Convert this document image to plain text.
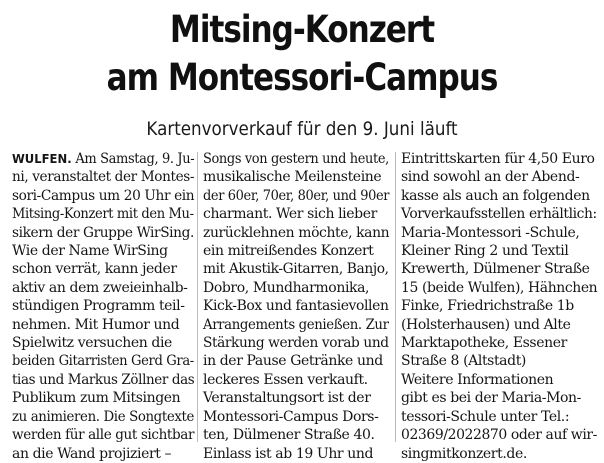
Mitsing-Konzert
am Montessori-Campus
Kartenvorverkauf für den 9. Juni läuft
WULFEN. Am Samstag, 9. Ju-
ni, veranstaltet der Montes-
sori-Campus um 20 Uhr ein
Mitsing-Konzert mit den Mu-
sikern der Gruppe WirSing.
Wie der Name WirSing
schon verrät, kann jeder
aktiv an dem zweieinhalb-
stündigen Programm teil-
nehmen. Mit Humor und
Spielwitz versuchen die
beiden Gitarristen Gerd Gra-
tias und Markus Zöllner das
Publikum zum Mitsingen
zu animieren. Die Songtexte
werden für alle gut sichtbar
an die Wand projiziert –
Songs von gestern und heute,
musikalische Meilensteine
der 60er, 70er, 80er, und 90er
charmant. Wer sich lieber
zurücklehnen möchte, kann
ein mitreißendes Konzert
mit Akustik-Gitarren, Banjo,
Dobro, Mundharmonika,
Kick-Box und fantasievollen
Arrangements genießen. Zur
Stärkung werden vorab und
in der Pause Getränke und
leckeres Essen verkauft.
Veranstaltungsort ist der
Montessori-Campus Dors-
ten, Dülmener Straße 40.
Einlass ist ab 19 Uhr und
Eintrittskarten für 4,50 Euro
sind sowohl an der Abend-
kasse als auch an folgenden
Vorverkaufsstellen erhältlich:
Maria-Montessori -Schule,
Kleiner Ring 2 und Textil
Krewerth, Dülmener Straße
15 (beide Wulfen), Hähnchen
Finke, Friedrichstraße 1b
(Holsterhausen) und Alte
Marktapotheke, Essener
Straße 8 (Altstadt)
Weitere Informationen
gibt es bei der Maria-Mon-
tessori-Schule unter Tel.:
02369/2022870 oder auf wir-
singmitkonzert.de.
